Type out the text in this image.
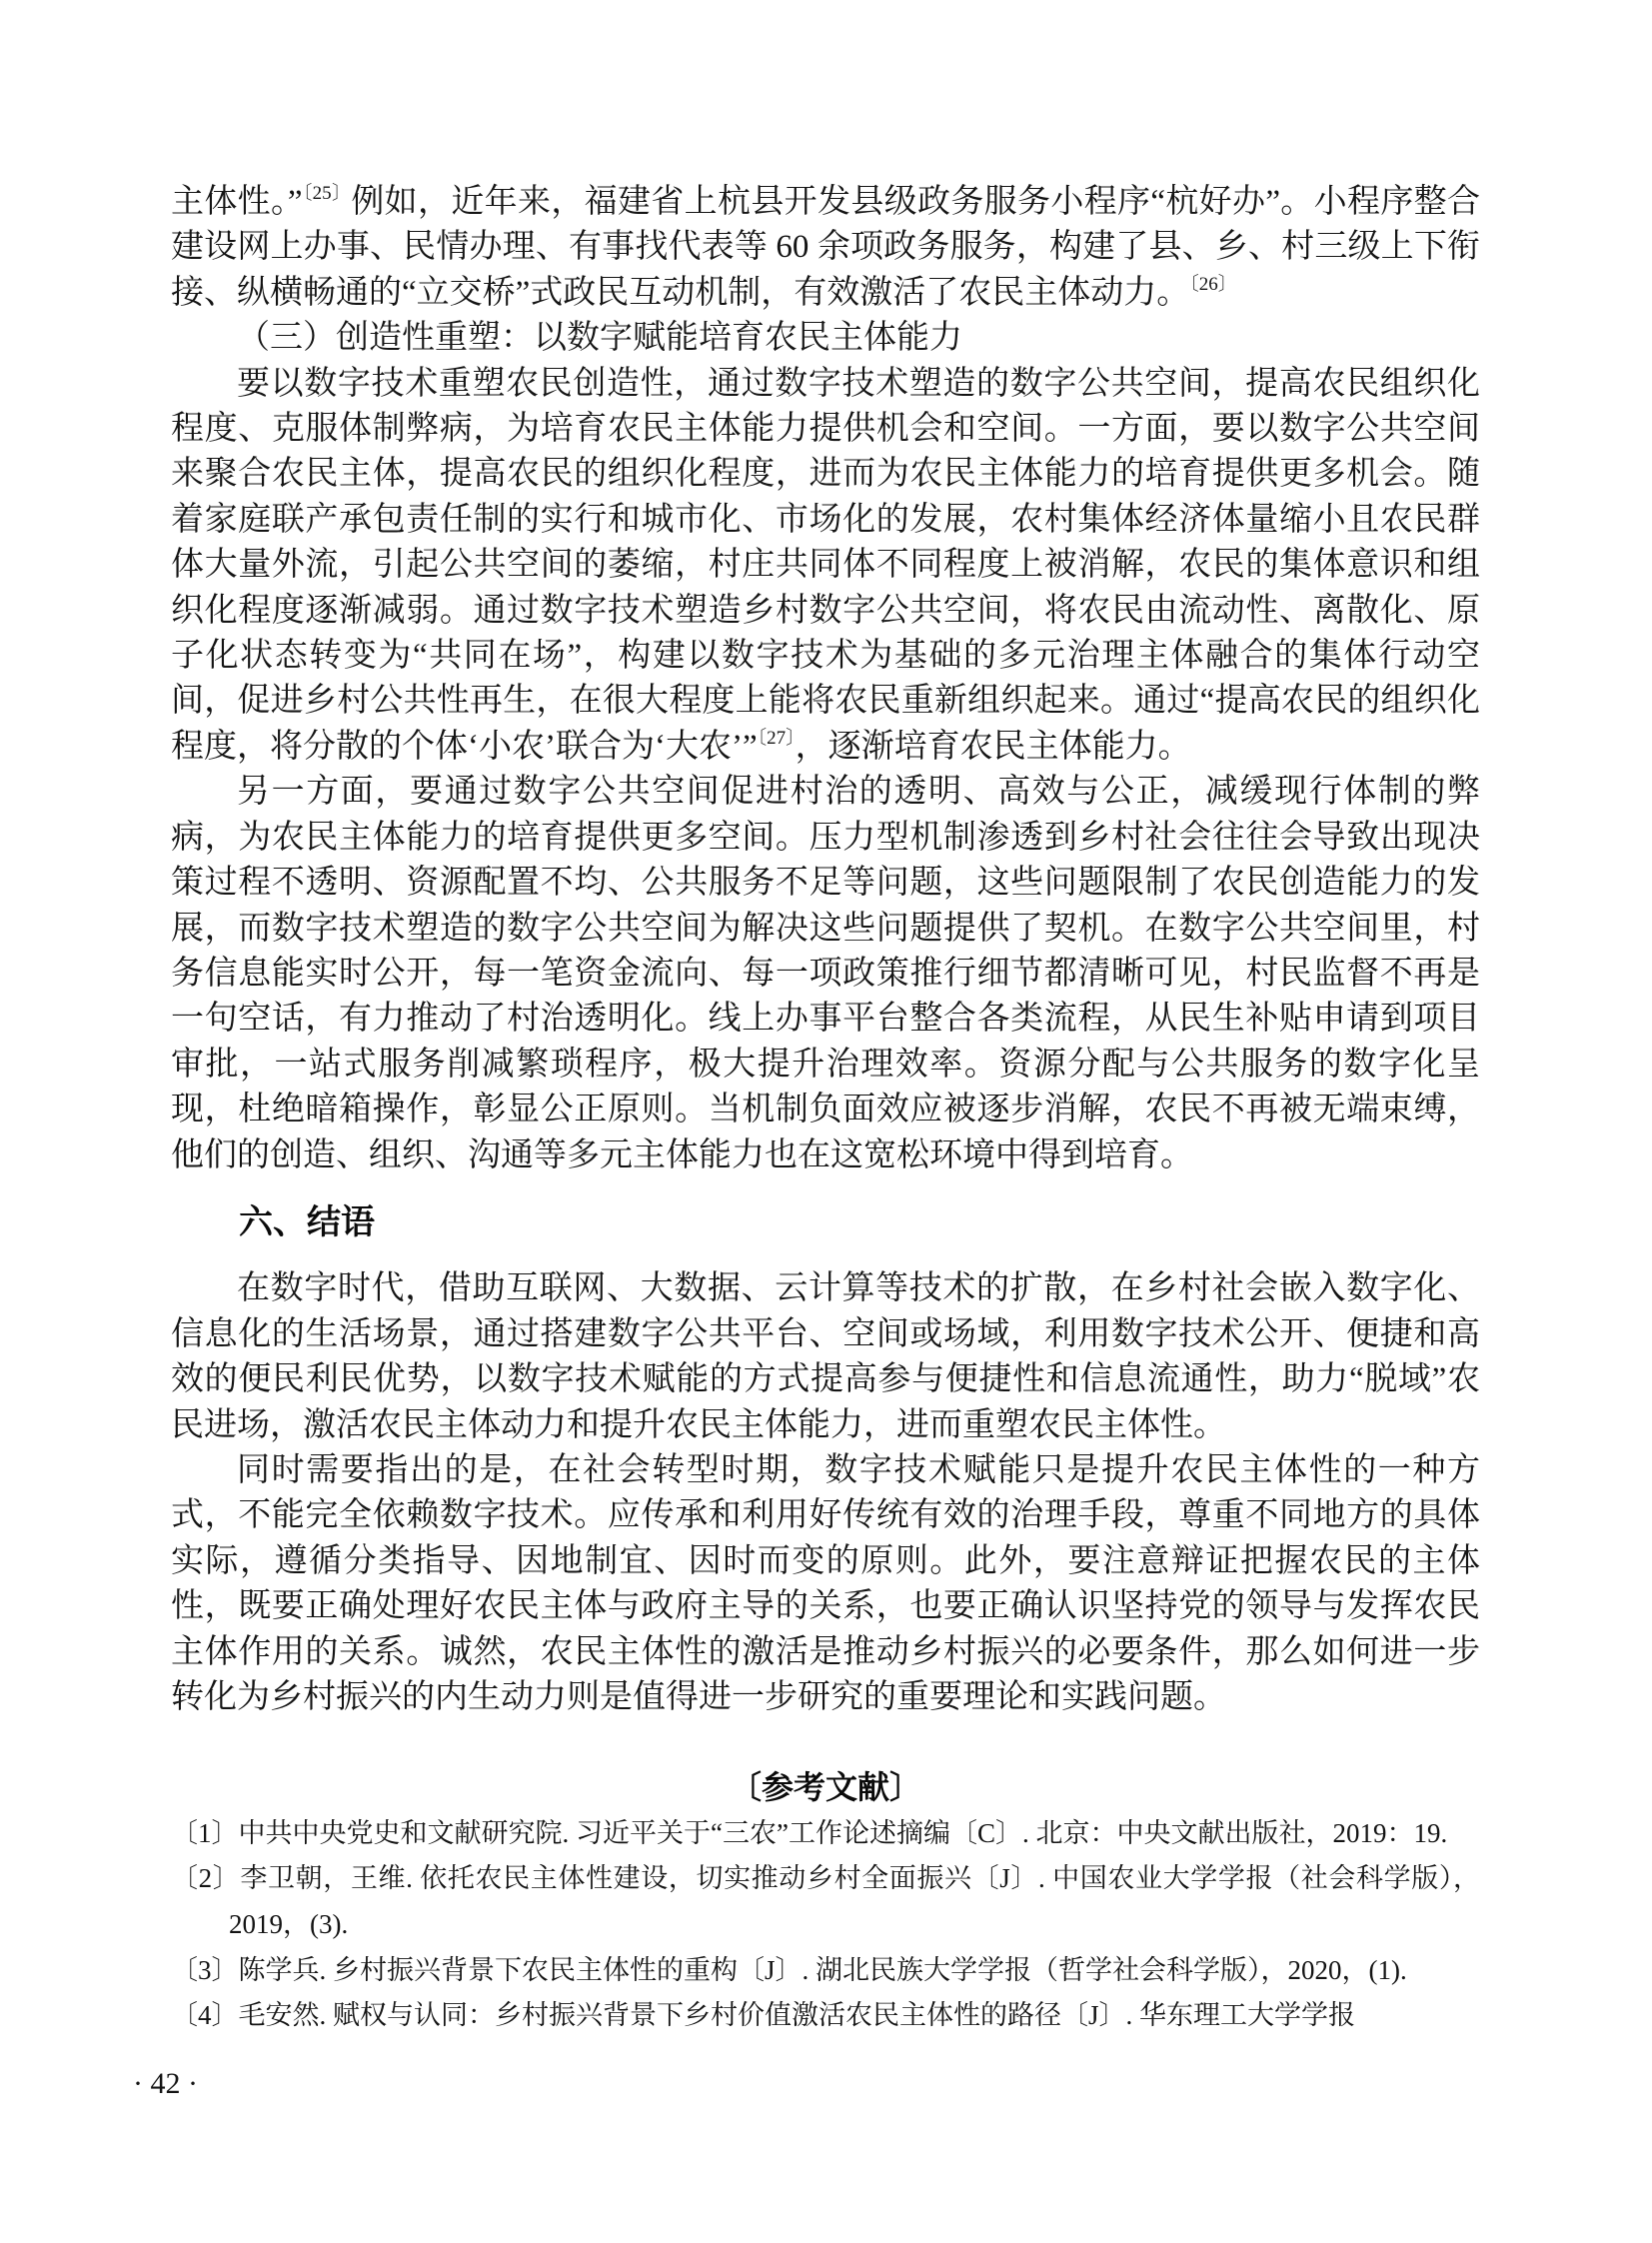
主体性。”$^{〔25〕}$例如，近年来，福建省上杭县开发县级政务服务小程序“杭好办”。小程序整合建设网上办事、民情办理、有事找代表等 60 余项政务服务，构建了县、乡、村三级上下衔接、纵横畅通的“立交桥”式政民互动机制，有效激活了农民主体动力。$^{〔26〕}$

（三）创造性重塑：以数字赋能培育农民主体能力

要以数字技术重塑农民创造性，通过数字技术塑造的数字公共空间，提高农民组织化程度、克服体制弊病，为培育农民主体能力提供机会和空间。一方面，要以数字公共空间来聚合农民主体，提高农民的组织化程度，进而为农民主体能力的培育提供更多机会。随着家庭联产承包责任制的实行和城市化、市场化的发展，农村集体经济体量缩小且农民群体大量外流，引起公共空间的萎缩，村庄共同体不同程度上被消解，农民的集体意识和组织化程度逐渐减弱。通过数字技术塑造乡村数字公共空间，将农民由流动性、离散化、原子化状态转变为“共同在场”，构建以数字技术为基础的多元治理主体融合的集体行动空间，促进乡村公共性再生，在很大程度上能将农民重新组织起来。通过“提高农民的组织化程度，将分散的个体‘小农’联合为‘大农’”$^{〔27〕}$，逐渐培育农民主体能力。

另一方面，要通过数字公共空间促进村治的透明、高效与公正，减缓现行体制的弊病，为农民主体能力的培育提供更多空间。压力型机制渗透到乡村社会往往会导致出现决策过程不透明、资源配置不均、公共服务不足等问题，这些问题限制了农民创造能力的发展，而数字技术塑造的数字公共空间为解决这些问题提供了契机。在数字公共空间里，村务信息能实时公开，每一笔资金流向、每一项政策推行细节都清晰可见，村民监督不再是一句空话，有力推动了村治透明化。线上办事平台整合各类流程，从民生补贴申请到项目审批，一站式服务削减繁琐程序，极大提升治理效率。资源分配与公共服务的数字化呈现，杜绝暗箱操作，彰显公正原则。当机制负面效应被逐步消解，农民不再被无端束缚，他们的创造、组织、沟通等多元主体能力也在这宽松环境中得到培育。

六、结语

在数字时代，借助互联网、大数据、云计算等技术的扩散，在乡村社会嵌入数字化、信息化的生活场景，通过搭建数字公共平台、空间或场域，利用数字技术公开、便捷和高效的便民利民优势，以数字技术赋能的方式提高参与便捷性和信息流通性，助力“脱域”农民进场，激活农民主体动力和提升农民主体能力，进而重塑农民主体性。

同时需要指出的是，在社会转型时期，数字技术赋能只是提升农民主体性的一种方式，不能完全依赖数字技术。应传承和利用好传统有效的治理手段，尊重不同地方的具体实际，遵循分类指导、因地制宜、因时而变的原则。此外，要注意辩证把握农民的主体性，既要正确处理好农民主体与政府主导的关系，也要正确认识坚持党的领导与发挥农民主体作用的关系。诚然，农民主体性的激活是推动乡村振兴的必要条件，那么如何进一步转化为乡村振兴的内生动力则是值得进一步研究的重要理论和实践问题。

〔参考文献〕

〔1〕中共中央党史和文献研究院. 习近平关于“三农”工作论述摘编〔C〕. 北京：中央文献出版社，2019：19.

〔2〕李卫朝，王维. 依托农民主体性建设，切实推动乡村全面振兴〔J〕. 中国农业大学学报（社会科学版），2019，(3).

〔3〕陈学兵. 乡村振兴背景下农民主体性的重构〔J〕. 湖北民族大学学报（哲学社会科学版），2020，(1).

〔4〕毛安然. 赋权与认同：乡村振兴背景下乡村价值激活农民主体性的路径〔J〕. 华东理工大学学报

· 42 ·
